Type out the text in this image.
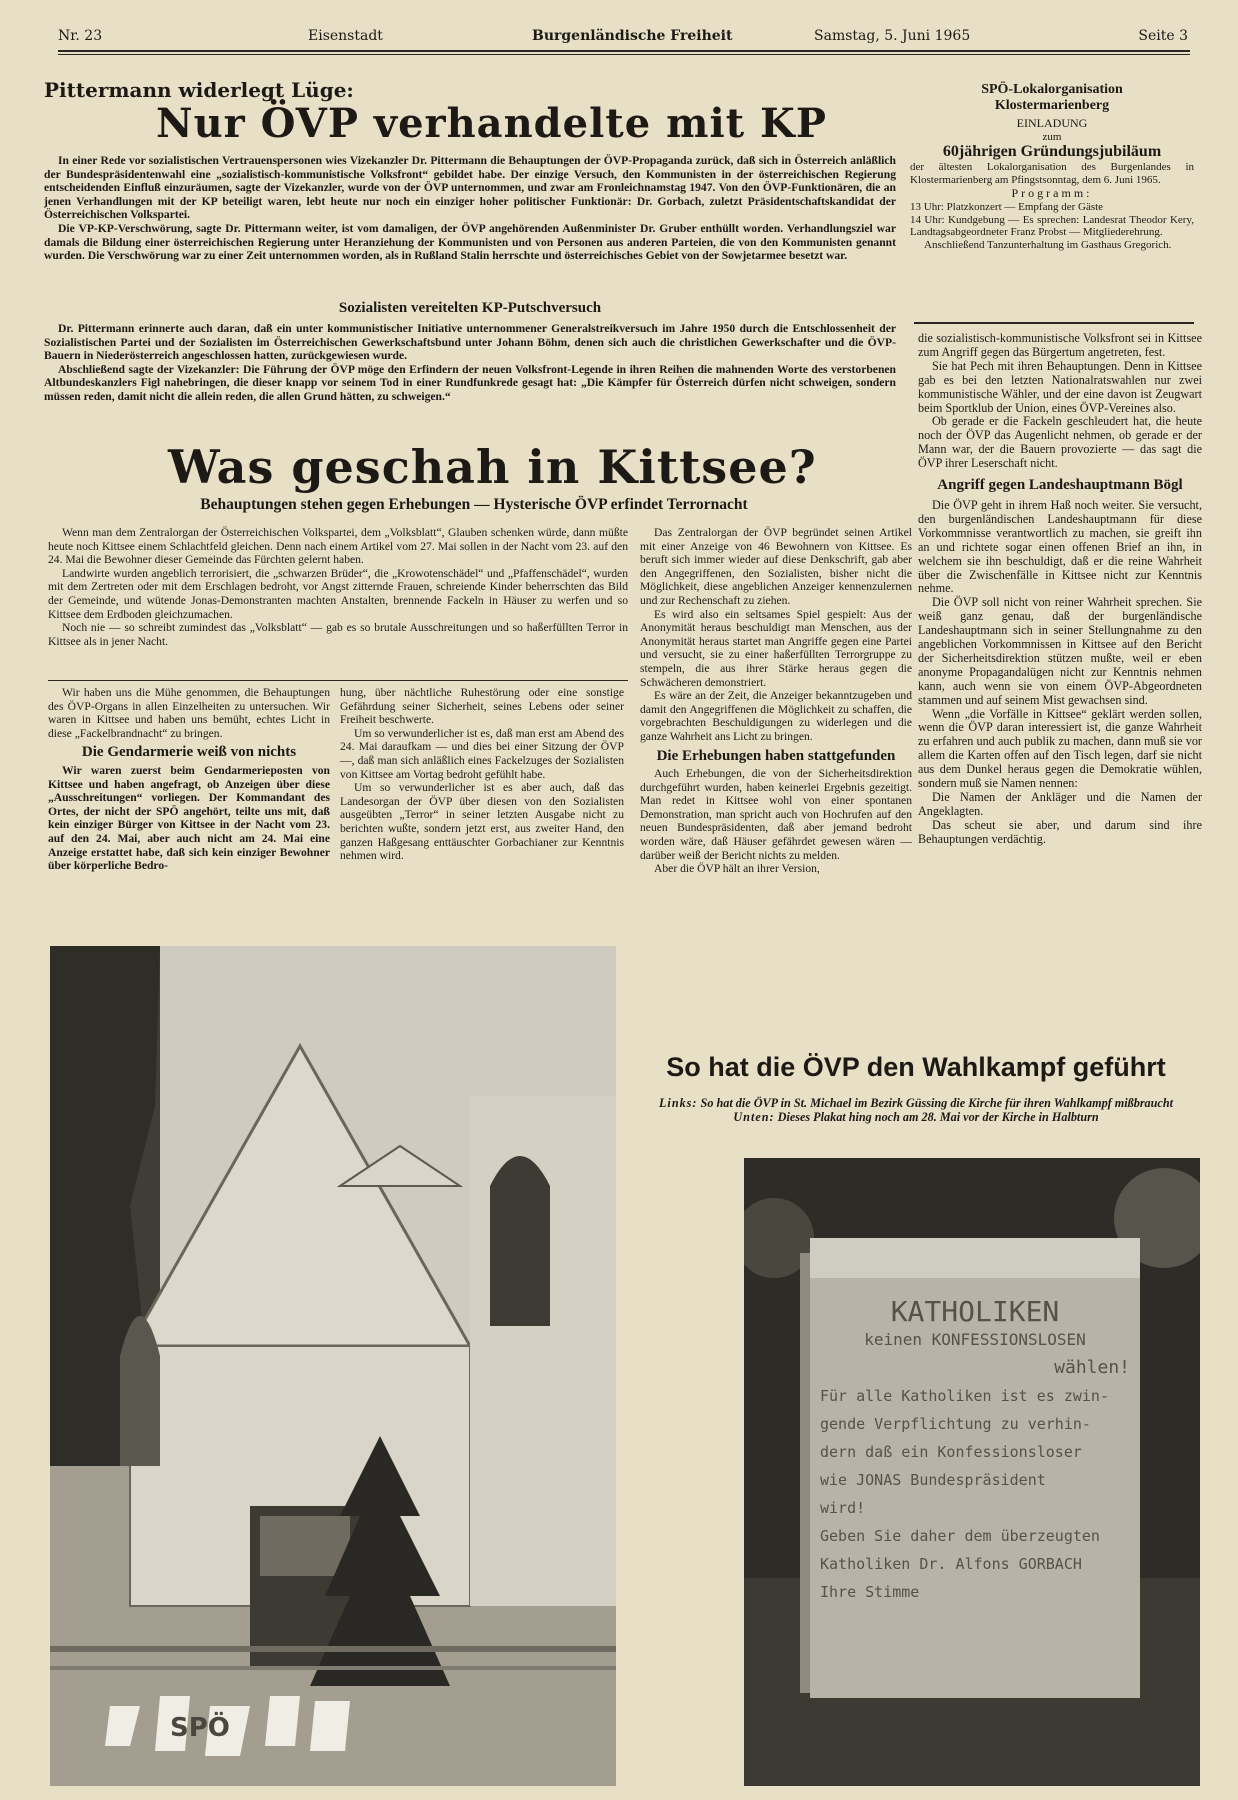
Nr. 23	Eisenstadt	Burgenländische Freiheit	Samstag, 5. Juni 1965	Seite 3
Pittermann widerlegt Lüge:
Nur ÖVP verhandelte mit KP

In einer Rede vor sozialistischen Vertrauenspersonen wies Vizekanzler Dr. Pittermann die Behauptungen der ÖVP-Propaganda zurück, daß sich in Österreich anläßlich der Bundespräsidentenwahl eine „sozialistisch-kommunistische Volksfront“ gebildet habe. Der einzige Versuch, den Kommunisten in der österreichischen Regierung entscheidenden Einfluß einzuräumen, sagte der Vizekanzler, wurde von der ÖVP unternommen, und zwar am Fronleichnamstag 1947. Von den ÖVP-Funktionären, die an jenen Verhandlungen mit der KP beteiligt waren, lebt heute nur noch ein einziger hoher politischer Funktionär: Dr. Gorbach, zuletzt Präsidentschaftskandidat der Österreichischen Volkspartei.

Die VP-KP-Verschwörung, sagte Dr. Pittermann weiter, ist vom damaligen, der ÖVP angehörenden Außenminister Dr. Gruber enthüllt worden. Verhandlungsziel war damals die Bildung einer österreichischen Regierung unter Heranziehung der Kommunisten und von Personen aus anderen Parteien, die von den Kommunisten genannt wurden. Die Verschwörung war zu einer Zeit unternommen worden, als in Rußland Stalin herrschte und österreichisches Gebiet von der Sowjetarmee besetzt war.

Sozialisten vereitelten KP-Putschversuch

Dr. Pittermann erinnerte auch daran, daß ein unter kommunistischer Initiative unternommener Generalstreikversuch im Jahre 1950 durch die Entschlossenheit der Sozialistischen Partei und der Sozialisten im Österreichischen Gewerkschaftsbund unter Johann Böhm, denen sich auch die christlichen Gewerkschafter und die ÖVP-Bauern in Niederösterreich angeschlossen hatten, zurückgewiesen wurde.

Abschließend sagte der Vizekanzler: Die Führung der ÖVP möge den Erfindern der neuen Volksfront-Legende in ihren Reihen die mahnenden Worte des verstorbenen Altbundeskanzlers Figl nahebringen, die dieser knapp vor seinem Tod in einer Rundfunkrede gesagt hat: „Die Kämpfer für Österreich dürfen nicht schweigen, sondern müssen reden, damit nicht die allein reden, die allen Grund hätten, zu schweigen.“

SPÖ-Lokalorganisation
Klostermarienberg
EINLADUNG
zum
60jährigen Gründungsjubiläum
der ältesten Lokalorganisation des Burgenlandes in Klostermarienberg am Pfingstsonntag, dem 6. Juni 1965.
Programm:
13 Uhr: Platzkonzert — Empfang der Gäste
14 Uhr: Kundgebung — Es sprechen: Landesrat Theodor Kery, Landtagsabgeordneter Franz Probst — Mitgliederehrung.
Anschließend Tanzunterhaltung im Gasthaus Gregorich.

die sozialistisch-kommunistische Volksfront sei in Kittsee zum Angriff gegen das Bürgertum angetreten, fest.

Sie hat Pech mit ihren Behauptungen. Denn in Kittsee gab es bei den letzten Nationalratswahlen nur zwei kommunistische Wähler, und der eine davon ist Zeugwart beim Sportklub der Union, eines ÖVP-Vereines also.

Ob gerade er die Fackeln geschleudert hat, die heute noch der ÖVP das Augenlicht nehmen, ob gerade er der Mann war, der die Bauern provozierte — das sagt die ÖVP ihrer Leserschaft nicht.

Angriff gegen Landeshauptmann Bögl

Die ÖVP geht in ihrem Haß noch weiter. Sie versucht, den burgenländischen Landeshauptmann für diese Vorkommnisse verantwortlich zu machen, sie greift ihn an und richtete sogar einen offenen Brief an ihn, in welchem sie ihn beschuldigt, daß er die reine Wahrheit über die Zwischenfälle in Kittsee nicht zur Kenntnis nehme.

Die ÖVP soll nicht von reiner Wahrheit sprechen. Sie weiß ganz genau, daß der burgenländische Landeshauptmann sich in seiner Stellungnahme zu den angeblichen Vorkommnissen in Kittsee auf den Bericht der Sicherheitsdirektion stützen mußte, weil er eben anonyme Propagandalügen nicht zur Kenntnis nehmen kann, auch wenn sie von einem ÖVP-Abgeordneten stammen und auf seinem Mist gewachsen sind.

Wenn „die Vorfälle in Kittsee“ geklärt werden sollen, wenn die ÖVP daran interessiert ist, die ganze Wahrheit zu erfahren und auch publik zu machen, dann muß sie vor allem die Karten offen auf den Tisch legen, darf sie nicht aus dem Dunkel heraus gegen die Demokratie wühlen, sondern muß sie Namen nennen:

Die Namen der Ankläger und die Namen der Angeklagten.

Das scheut sie aber, und darum sind ihre Behauptungen verdächtig.

Was geschah in Kittsee?
Behauptungen stehen gegen Erhebungen — Hysterische ÖVP erfindet Terrornacht

Wenn man dem Zentralorgan der Österreichischen Volkspartei, dem „Volksblatt“, Glauben schenken würde, dann müßte heute noch Kittsee einem Schlachtfeld gleichen. Denn nach einem Artikel vom 27. Mai sollen in der Nacht vom 23. auf den 24. Mai die Bewohner dieser Gemeinde das Fürchten gelernt haben.

Landwirte wurden angeblich terrorisiert, die „schwarzen Brüder“, die „Krowotenschädel“ und „Pfaffenschädel“, wurden mit dem Zertreten oder mit dem Erschlagen bedroht, vor Angst zitternde Frauen, schreiende Kinder beherrschten das Bild der Gemeinde, und wütende Jonas-Demonstranten machten Anstalten, brennende Fackeln in Häuser zu werfen und so Kittsee dem Erdboden gleichzumachen.

Noch nie — so schreibt zumindest das „Volksblatt“ — gab es so brutale Ausschreitungen und so haßerfüllten Terror in Kittsee als in jener Nacht.

Wir haben uns die Mühe genommen, die Behauptungen des ÖVP-Organs in allen Einzelheiten zu untersuchen. Wir waren in Kittsee und haben uns bemüht, echtes Licht in diese „Fackelbrandnacht“ zu bringen.

Die Gendarmerie weiß von nichts

Wir waren zuerst beim Gendarmerieposten von Kittsee und haben angefragt, ob Anzeigen über diese „Ausschreitungen“ vorliegen. Der Kommandant des Ortes, der nicht der SPÖ angehört, teilte uns mit, daß kein einziger Bürger von Kittsee in der Nacht vom 23. auf den 24. Mai, aber auch nicht am 24. Mai eine Anzeige erstattet habe, daß sich kein einziger Bewohner über körperliche Bedro-

hung, über nächtliche Ruhestörung oder eine sonstige Gefährdung seiner Sicherheit, seines Lebens oder seiner Freiheit beschwerte.

Um so verwunderlicher ist es, daß man erst am Abend des 24. Mai daraufkam — und dies bei einer Sitzung der ÖVP —, daß man sich anläßlich eines Fackelzuges der Sozialisten von Kittsee am Vortag bedroht gefühlt habe.

Um so verwunderlicher ist es aber auch, daß das Landesorgan der ÖVP über diesen von den Sozialisten ausgeübten „Terror“ in seiner letzten Ausgabe nicht zu berichten wußte, sondern jetzt erst, aus zweiter Hand, den ganzen Haßgesang enttäuschter Gorbachianer zur Kenntnis nehmen wird.

Das Zentralorgan der ÖVP begründet seinen Artikel mit einer Anzeige von 46 Bewohnern von Kittsee. Es beruft sich immer wieder auf diese Denkschrift, gab aber den Angegriffenen, den Sozialisten, bisher nicht die Möglichkeit, diese angeblichen Anzeiger kennenzulernen und zur Rechenschaft zu ziehen.

Es wird also ein seltsames Spiel gespielt: Aus der Anonymität heraus beschuldigt man Menschen, aus der Anonymität heraus startet man Angriffe gegen eine Partei und versucht, sie zu einer haßerfüllten Terrorgruppe zu stempeln, die aus ihrer Stärke heraus gegen die Schwächeren demonstriert.

Es wäre an der Zeit, die Anzeiger bekanntzugeben und damit den Angegriffenen die Möglichkeit zu schaffen, die vorgebrachten Beschuldigungen zu widerlegen und die ganze Wahrheit ans Licht zu bringen.

Die Erhebungen haben stattgefunden

Auch Erhebungen, die von der Sicherheitsdirektion durchgeführt wurden, haben keinerlei Ergebnis gezeitigt. Man redet in Kittsee wohl von einer spontanen Demonstration, man spricht auch von Hochrufen auf den neuen Bundespräsidenten, daß aber jemand bedroht worden wäre, daß Häuser gefährdet gewesen wären — darüber weiß der Bericht nichts zu melden.

Aber die ÖVP hält an ihrer Version,

SPÖ
So hat die ÖVP den Wahlkampf geführt
Links: So hat die ÖVP in St. Michael im Bezirk Güssing die Kirche für ihren Wahlkampf mißbraucht
Unten: Dieses Plakat hing noch am 28. Mai vor der Kirche in Halbturn
KATHOLIKEN
keinen KONFESSIONSLOSEN
wählen!
Für alle Katholiken ist es zwin-
gende Verpflichtung zu verhin-
dern daß ein Konfessionsloser
wie JONAS Bundespräsident
wird!
Geben Sie daher dem überzeugten
Katholiken Dr. Alfons GORBACH
Ihre Stimme
